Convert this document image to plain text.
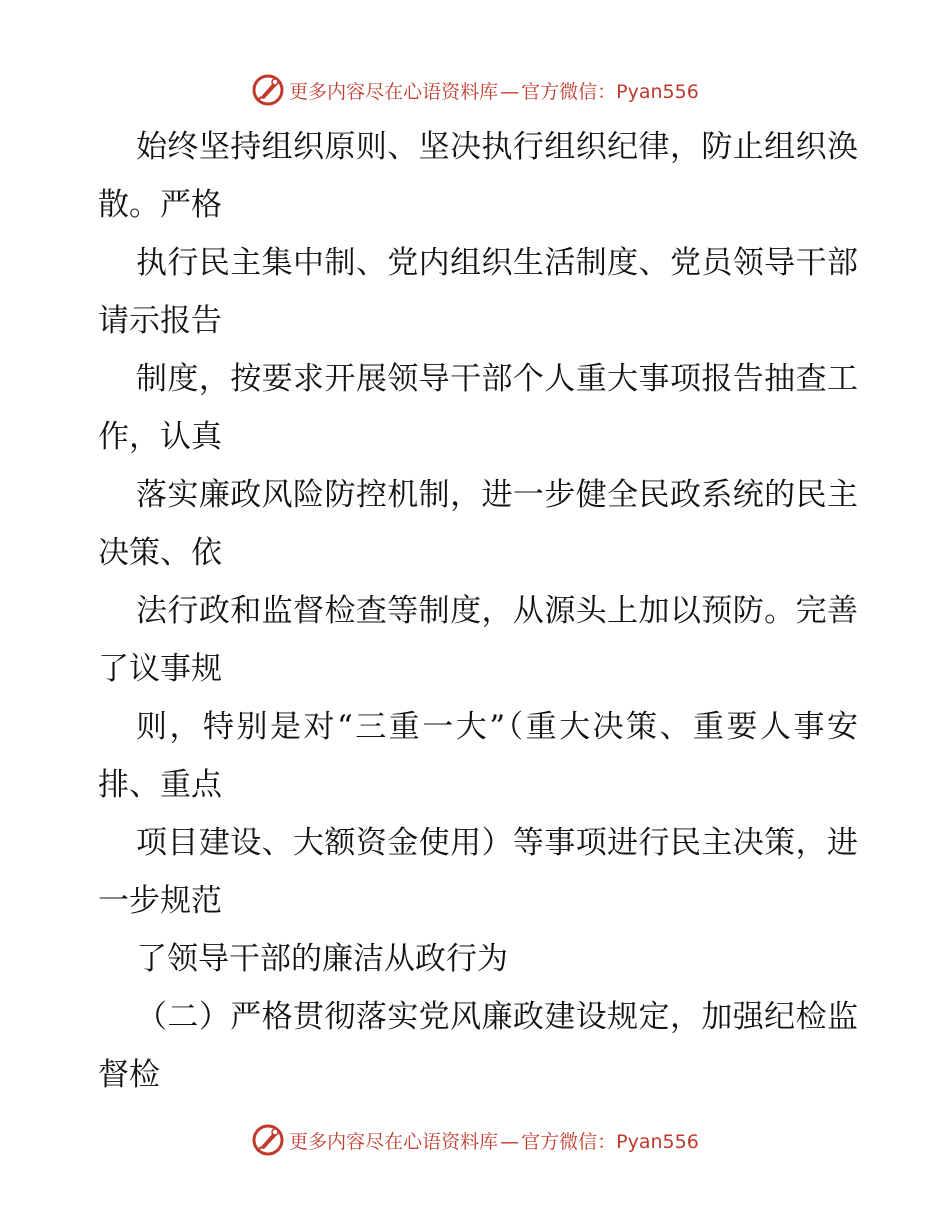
更多内容尽在心语资料库 — 官方微信：Pyan556

始终坚持组织原则、坚决执行组织纪律，防止组织涣散。严格

执行民主集中制、党内组织生活制度、党员领导干部请示报告

制度，按要求开展领导干部个人重大事项报告抽查工作，认真

落实廉政风险防控机制，进一步健全民政系统的民主决策、依

法行政和监督检查等制度，从源头上加以预防。完善了议事规

则，特别是对“三重一大”（重大决策、重要人事安排、重点

项目建设、大额资金使用）等事项进行民主决策，进一步规范

了领导干部的廉洁从政行为

（二）严格贯彻落实党风廉政建设规定，加强纪检监督检

更多内容尽在心语资料库 — 官方微信：Pyan556
